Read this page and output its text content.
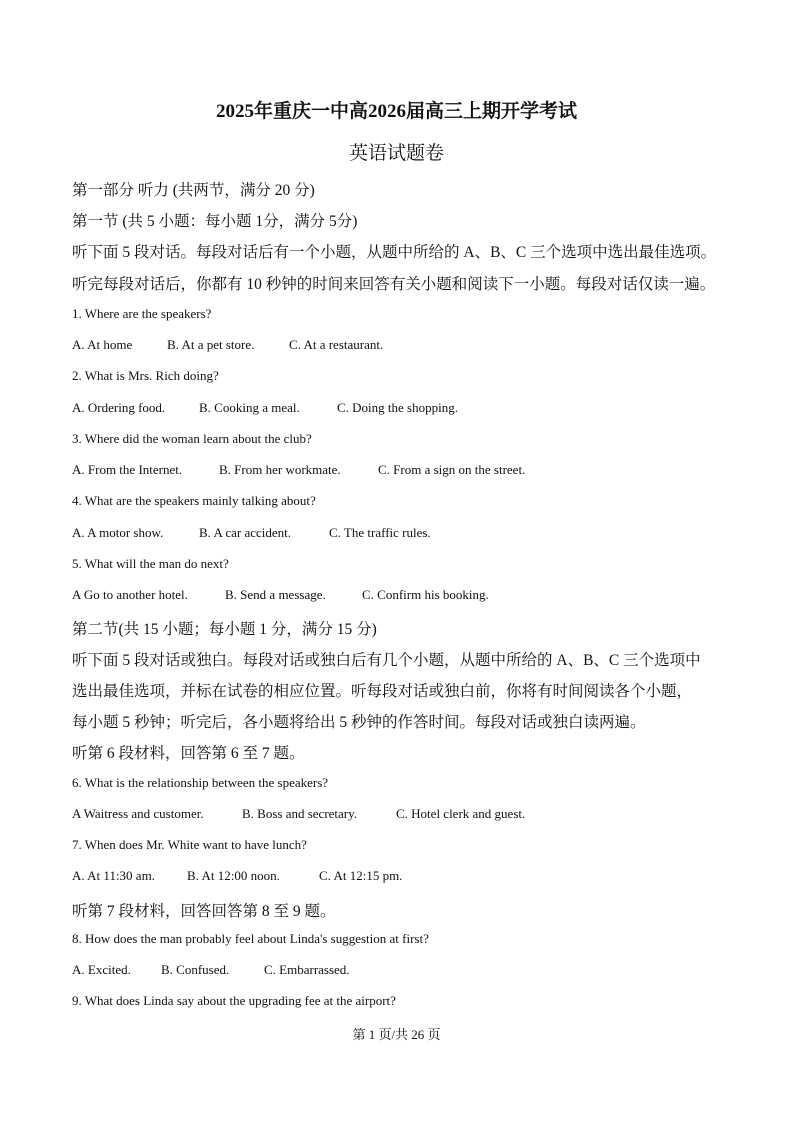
2025年重庆一中高2026届高三上期开学考试
英语试题卷
第一部分 听力 (共两节，满分 20 分)
第一节 (共 5 小题：每小题 1分，满分 5分)
听下面 5 段对话。每段对话后有一个小题，从题中所给的 A、B、C 三个选项中选出最佳选项。
听完每段对话后，你都有 10 秒钟的时间来回答有关小题和阅读下一小题。每段对话仅读一遍。
1. Where are the speakers?
A. At home	B. At a pet store.	C. At a restaurant.
2. What is Mrs. Rich doing?
A. Ordering food.	B. Cooking a meal.	C. Doing the shopping.
3. Where did the woman learn about the club?
A. From the Internet.	B. From her workmate.	C. From a sign on the street.
4. What are the speakers mainly talking about?
A. A motor show.	B. A car accident.	C. The traffic rules.
5. What will the man do next?
A Go to another hotel.	B. Send a message.	C. Confirm his booking.
第二节(共 15 小题；每小题 1 分，满分 15 分)
听下面 5 段对话或独白。每段对话或独白后有几个小题，从题中所给的 A、B、C 三个选项中
选出最佳选项，并标在试卷的相应位置。听每段对话或独白前，你将有时间阅读各个小题，
每小题 5 秒钟；听完后，各小题将给出 5 秒钟的作答时间。每段对话或独白读两遍。
听第 6 段材料，回答第 6 至 7 题。
6. What is the relationship between the speakers?
A Waitress and customer.	B. Boss and secretary.	C. Hotel clerk and guest.
7. When does Mr. White want to have lunch?
A. At 11:30 am. B. At 12:00 noon.	C. At 12:15 pm.
听第 7 段材料，回答回答第 8 至 9 题。
8. How does the man probably feel about Linda's suggestion at first?
A. Excited. B. Confused.	C. Embarrassed.
9. What does Linda say about the upgrading fee at the airport?
第 1 页/共 26 页
